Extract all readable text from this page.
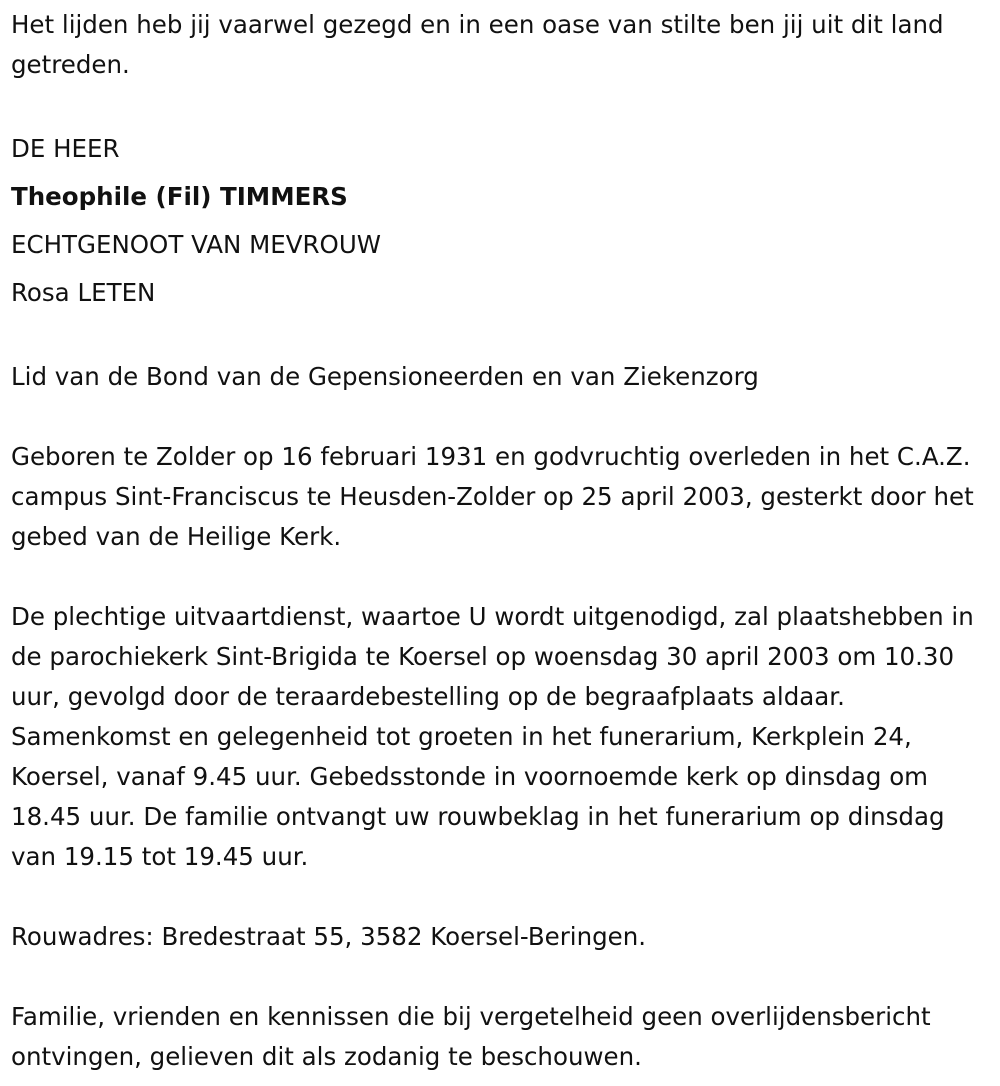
Het lijden heb jij vaarwel gezegd en in een oase van stilte ben jij uit dit land getreden.

DE HEER

Theophile (Fil) TIMMERS

ECHTGENOOT VAN MEVROUW

Rosa LETEN

Lid van de Bond van de Gepensioneerden en van Ziekenzorg

Geboren te Zolder op 16 februari 1931 en godvruchtig overleden in het C.A.Z. campus Sint-Franciscus te Heusden-Zolder op 25 april 2003, gesterkt door het gebed van de Heilige Kerk.

De plechtige uitvaartdienst, waartoe U wordt uitgenodigd, zal plaatshebben in de parochiekerk Sint-Brigida te Koersel op woensdag 30 april 2003 om 10.30 uur, gevolgd door de teraardebestelling op de begraafplaats aldaar. Samenkomst en gelegenheid tot groeten in het funerarium, Kerkplein 24, Koersel, vanaf 9.45 uur. Gebedsstonde in voornoemde kerk op dinsdag om 18.45 uur. De familie ontvangt uw rouwbeklag in het funerarium op dinsdag van 19.15 tot 19.45 uur.

Rouwadres: Bredestraat 55, 3582 Koersel-Beringen.

Familie, vrienden en kennissen die bij vergetelheid geen overlijdensbericht ontvingen, gelieven dit als zodanig te beschouwen.
